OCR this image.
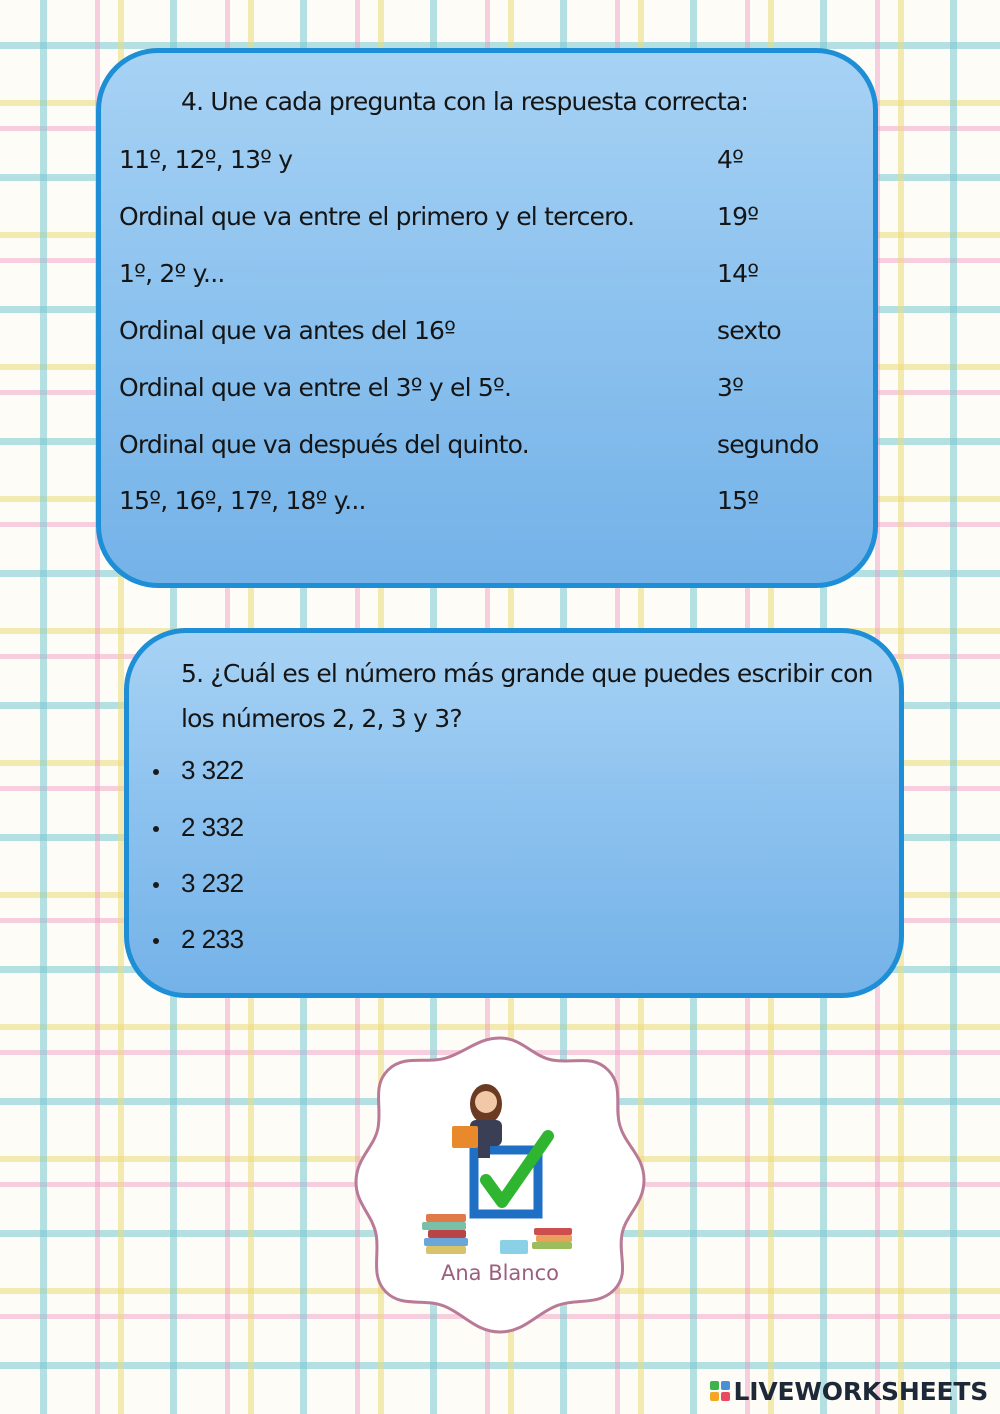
4. Une cada pregunta con la respuesta correcta:
11º, 12º, 13º y	4º
Ordinal que va entre el primero y el tercero.	19º
1º, 2º y...	14º
Ordinal que va antes del 16º	sexto
Ordinal que va entre el 3º y el 5º.	3º
Ordinal que va después del quinto.	segundo
15º, 16º, 17º, 18º y...	15º
5. ¿Cuál es el número más grande que puedes escribir con los números 2, 2, 3 y 3?
3 322
2 332
3 232
2 233
Ana Blanco
LIVEWORKSHEETS
